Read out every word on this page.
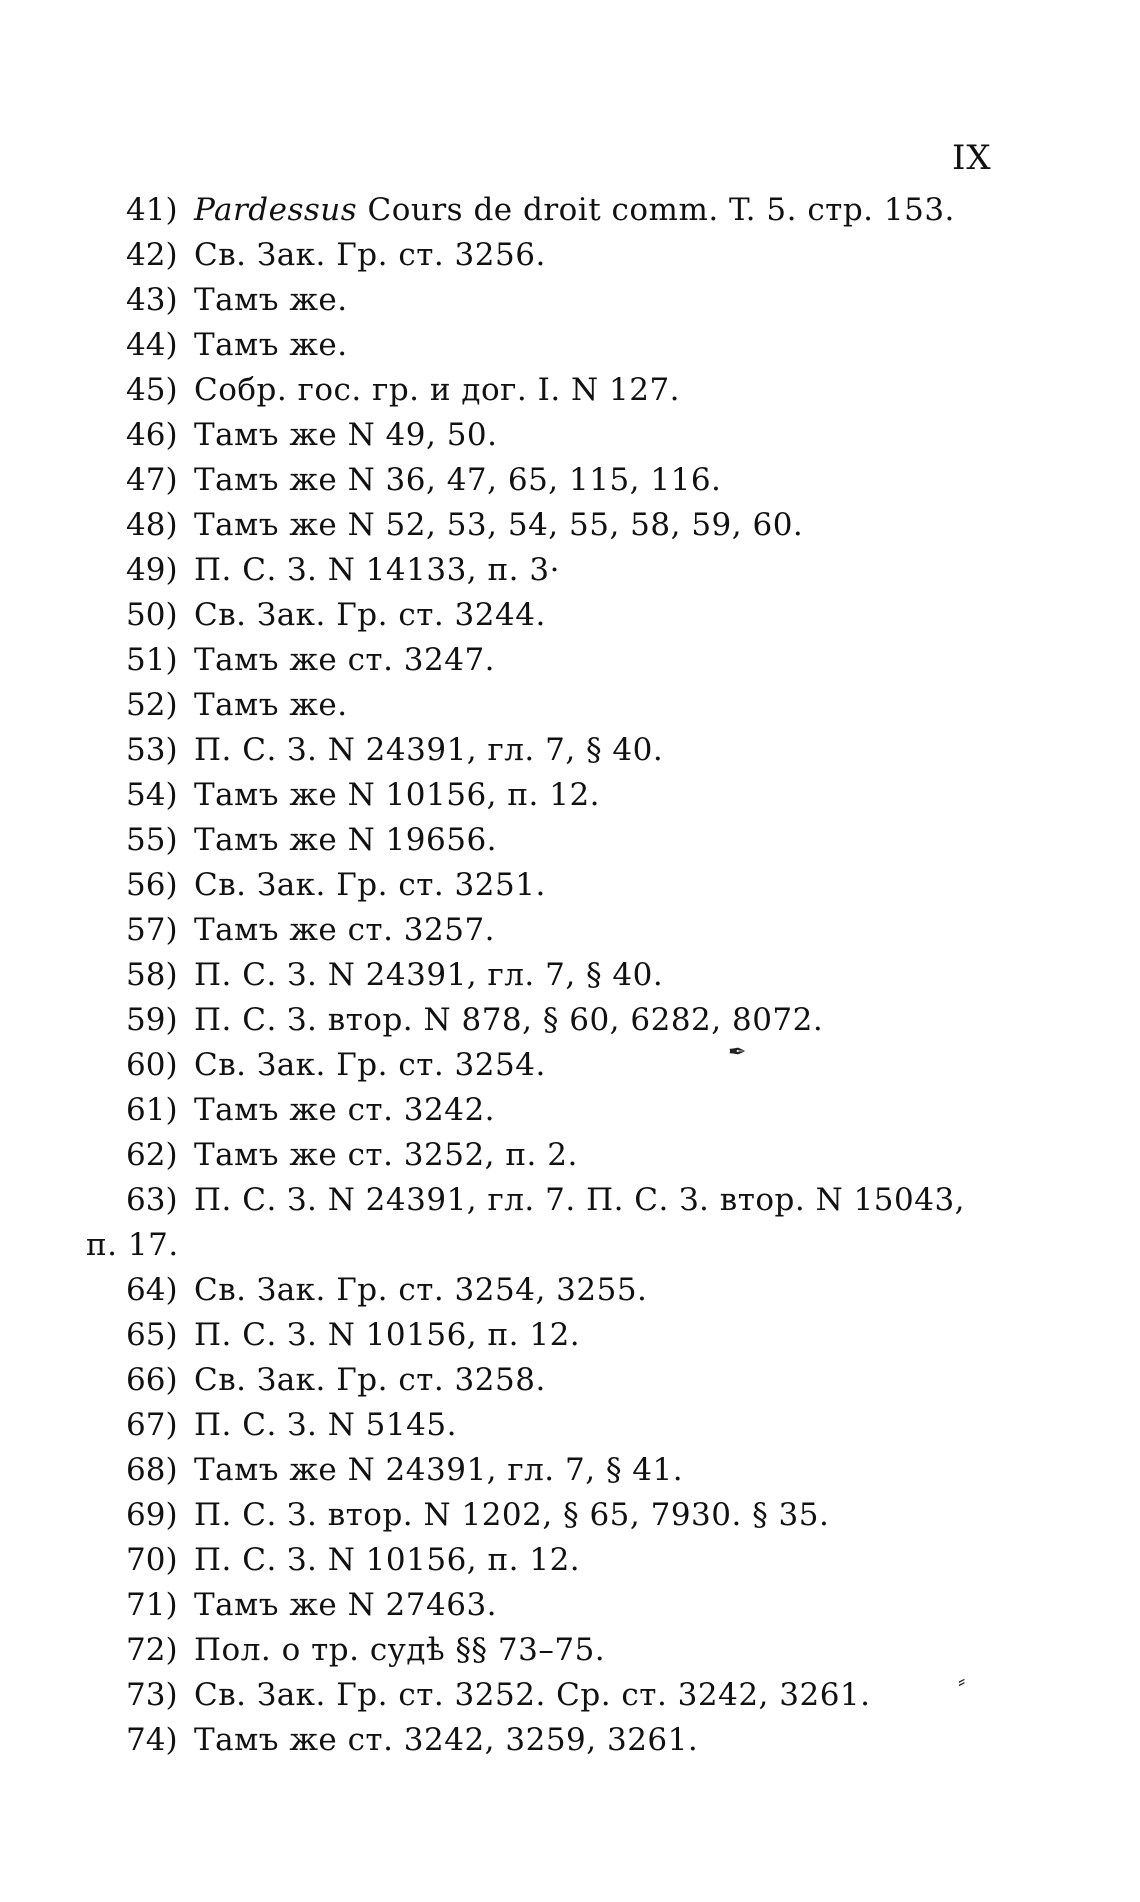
IX
41) Pardessus Cours de droit comm. T. 5. стр. 153.
42) Св. Зак. Гр. ст. 3256.
43) Тамъ же.
44) Тамъ же.
45) Собр. гос. гр. и дог. I. N 127.
46) Тамъ же N 49, 50.
47) Тамъ же N 36, 47, 65, 115, 116.
48) Тамъ же N 52, 53, 54, 55, 58, 59, 60.
49) П. С. З. N 14133, п. 3·
50) Св. Зак. Гр. ст. 3244.
51) Тамъ же ст. 3247.
52) Тамъ же.
53) П. С. З. N 24391, гл. 7, § 40.
54) Тамъ же N 10156, п. 12.
55) Тамъ же N 19656.
56) Св. Зак. Гр. ст. 3251.
57) Тамъ же ст. 3257.
58) П. С. З. N 24391, гл. 7, § 40.
59) П. С. З. втор. N 878, § 60, 6282, 8072.
60) Св. Зак. Гр. ст. 3254.
61) Тамъ же ст. 3242.
62) Тамъ же ст. 3252, п. 2.
63) П. С. З. N 24391, гл. 7. П. С. З. втор. N 15043,
п. 17.
64) Св. Зак. Гр. ст. 3254, 3255.
65) П. С. З. N 10156, п. 12.
66) Св. Зак. Гр. ст. 3258.
67) П. С. З. N 5145.
68) Тамъ же N 24391, гл. 7, § 41.
69) П. С. З. втор. N 1202, § 65, 7930. § 35.
70) П. С. З. N 10156, п. 12.
71) Тамъ же N 27463.
72) Пол. о тр. судѣ §§ 73–75.
73) Св. Зак. Гр. ст. 3252. Ср. ст. 3242, 3261.
74) Тамъ же ст. 3242, 3259, 3261.
✒
⸗
